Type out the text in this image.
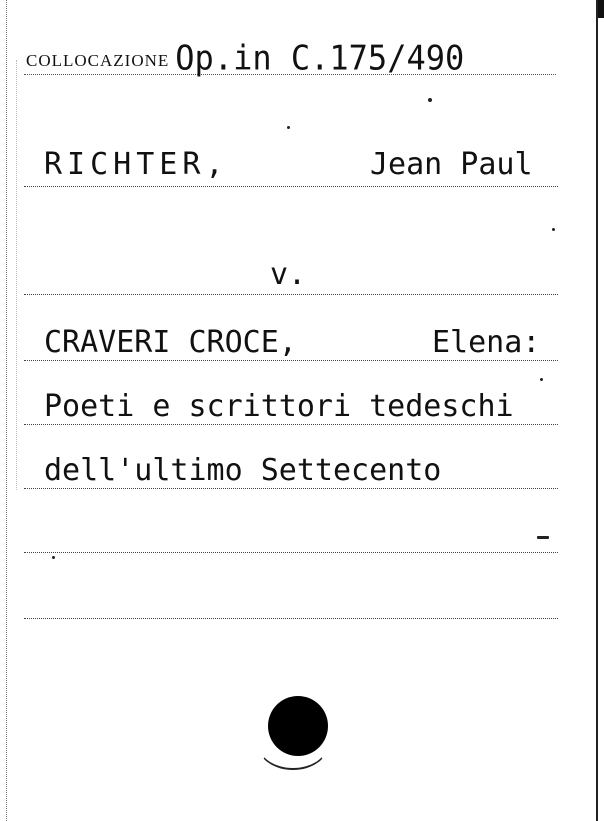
COLLOCAZIONE Op.in C.175/490
RICHTER,	Jean Paul
v.
CRAVERI CROCE,	Elena:
Poeti e scrittori tedeschi
dell'ultimo Settecento
